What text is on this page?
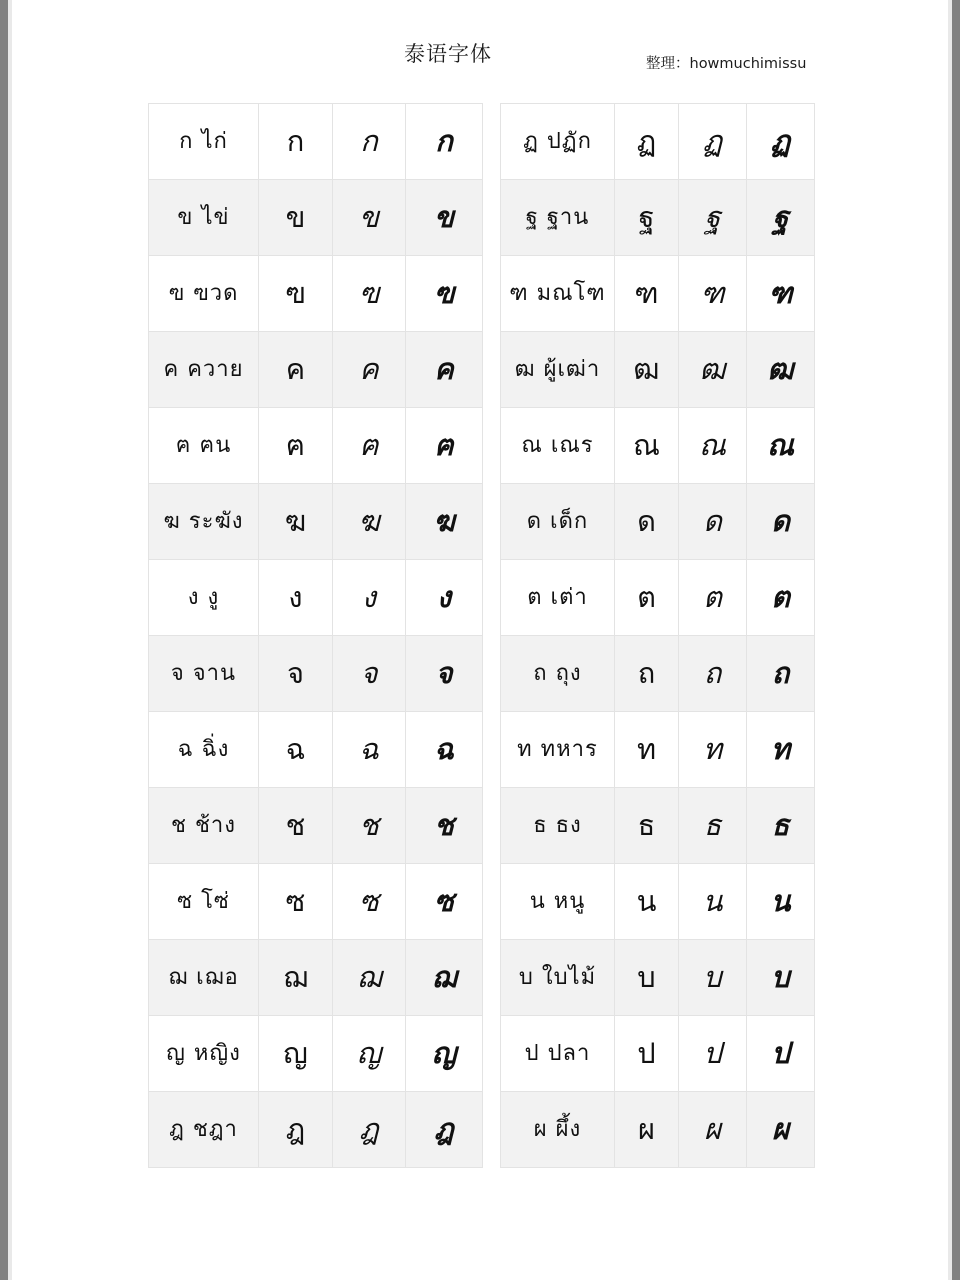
泰语字体	整理：howmuchimissu
ก ไก่	ก	ก	ก
ข ไข่	ข	ข	ข
ฃ ฃวด	ฃ	ฃ	ฃ
ค ควาย	ค	ค	ค
ฅ ฅน	ฅ	ฅ	ฅ
ฆ ระฆัง	ฆ	ฆ	ฆ
ง งู	ง	ง	ง
จ จาน	จ	จ	จ
ฉ ฉิ่ง	ฉ	ฉ	ฉ
ช ช้าง	ช	ช	ช
ซ โซ่	ซ	ซ	ซ
ฌ เฌอ	ฌ	ฌ	ฌ
ญ หญิง	ญ	ญ	ญ
ฎ ชฎา	ฎ	ฎ	ฎ
ฏ ปฏัก	ฏ	ฏ	ฏ
ฐ ฐาน	ฐ	ฐ	ฐ
ฑ มณโฑ	ฑ	ฑ	ฑ
ฒ ผู้เฒ่า	ฒ	ฒ	ฒ
ณ เณร	ณ	ณ	ณ
ด เด็ก	ด	ด	ด
ต เต่า	ต	ต	ต
ถ ถุง	ถ	ถ	ถ
ท ทหาร	ท	ท	ท
ธ ธง	ธ	ธ	ธ
น หนู	น	น	น
บ ใบไม้	บ	บ	บ
ป ปลา	ป	ป	ป
ผ ผึ้ง	ผ	ผ	ผ
